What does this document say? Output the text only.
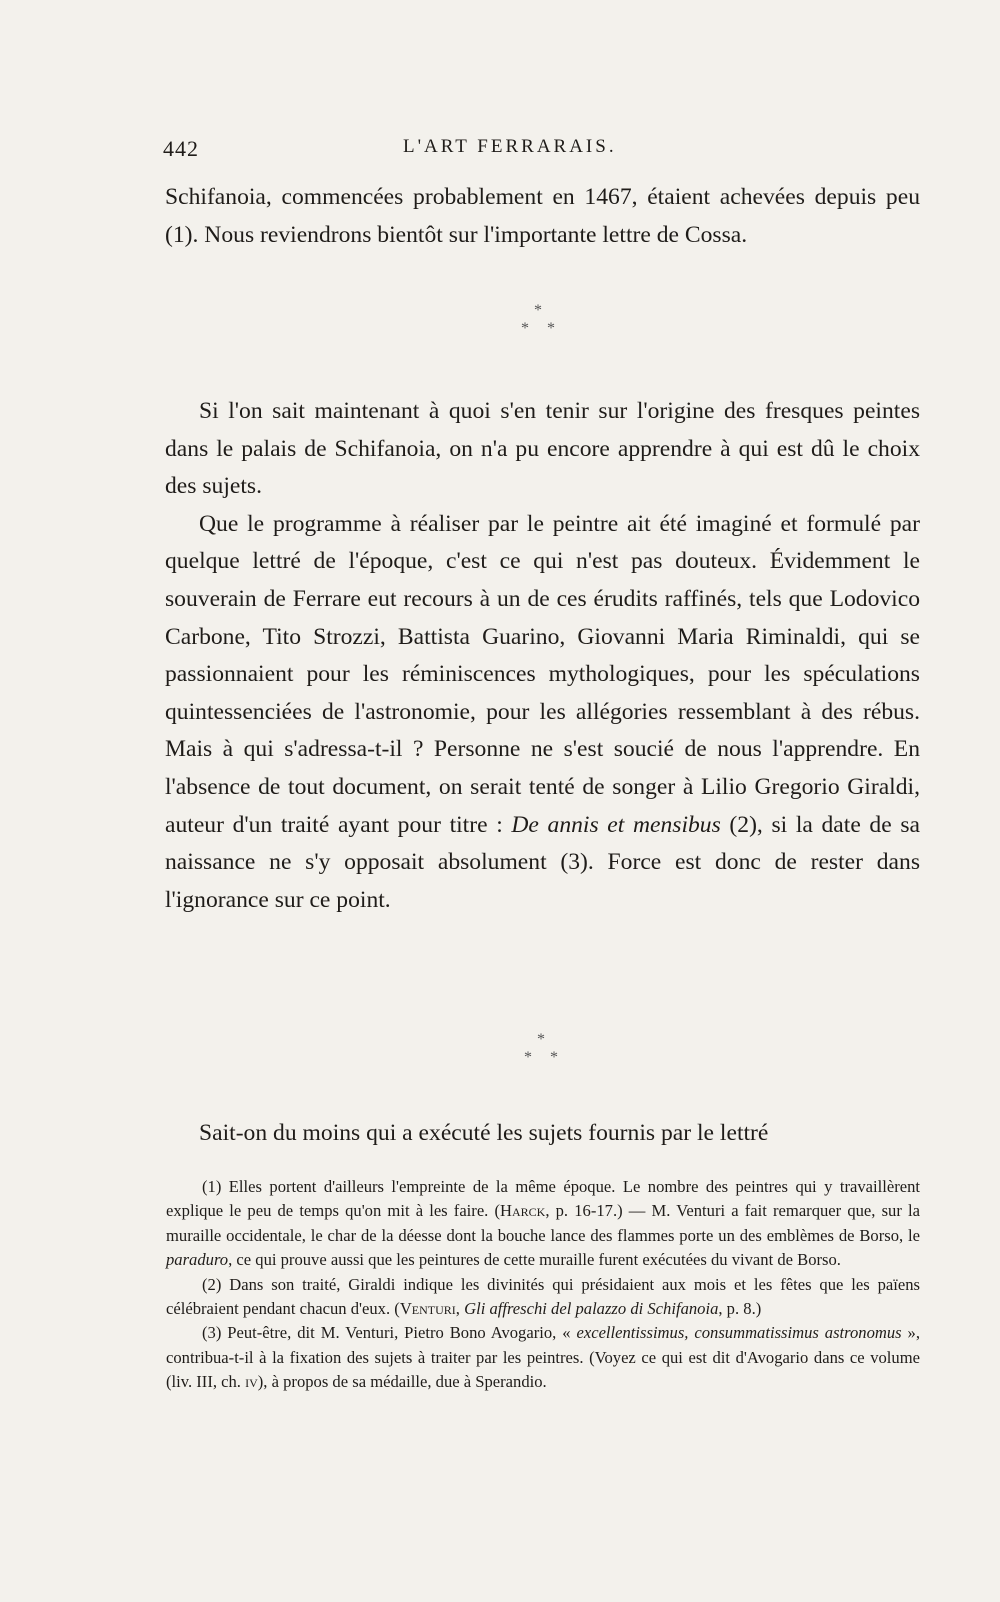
442	L'ART FERRARAIS.

Schifanoia, commencées probablement en 1467, étaient achevées depuis peu (1). Nous reviendrons bientôt sur l'importante lettre de Cossa.

*
* *

Si l'on sait maintenant à quoi s'en tenir sur l'origine des fresques peintes dans le palais de Schifanoia, on n'a pu encore apprendre à qui est dû le choix des sujets.

Que le programme à réaliser par le peintre ait été imaginé et formulé par quelque lettré de l'époque, c'est ce qui n'est pas douteux. Évidemment le souverain de Ferrare eut recours à un de ces érudits raffinés, tels que Lodovico Carbone, Tito Strozzi, Battista Guarino, Giovanni Maria Riminaldi, qui se passionnaient pour les réminiscences mythologiques, pour les spéculations quintessenciées de l'astronomie, pour les allégories ressemblant à des rébus. Mais à qui s'adressa-t-il ? Personne ne s'est soucié de nous l'apprendre. En l'absence de tout document, on serait tenté de songer à Lilio Gregorio Giraldi, auteur d'un traité ayant pour titre : De annis et mensibus (2), si la date de sa naissance ne s'y opposait absolument (3). Force est donc de rester dans l'ignorance sur ce point.

*
* *

Sait-on du moins qui a exécuté les sujets fournis par le lettré

(1) Elles portent d'ailleurs l'empreinte de la même époque. Le nombre des peintres qui y travaillèrent explique le peu de temps qu'on mit à les faire. (Harck, p. 16-17.) — M. Venturi a fait remarquer que, sur la muraille occidentale, le char de la déesse dont la bouche lance des flammes porte un des emblèmes de Borso, le paraduro, ce qui prouve aussi que les peintures de cette muraille furent exécutées du vivant de Borso.

(2) Dans son traité, Giraldi indique les divinités qui présidaient aux mois et les fêtes que les païens célébraient pendant chacun d'eux. (Venturi, Gli affreschi del palazzo di Schifanoia, p. 8.)

(3) Peut-être, dit M. Venturi, Pietro Bono Avogario, « excellentissimus, consummatissimus astronomus », contribua-t-il à la fixation des sujets à traiter par les peintres. (Voyez ce qui est dit d'Avogario dans ce volume (liv. III, ch. iv), à propos de sa médaille, due à Sperandio.
